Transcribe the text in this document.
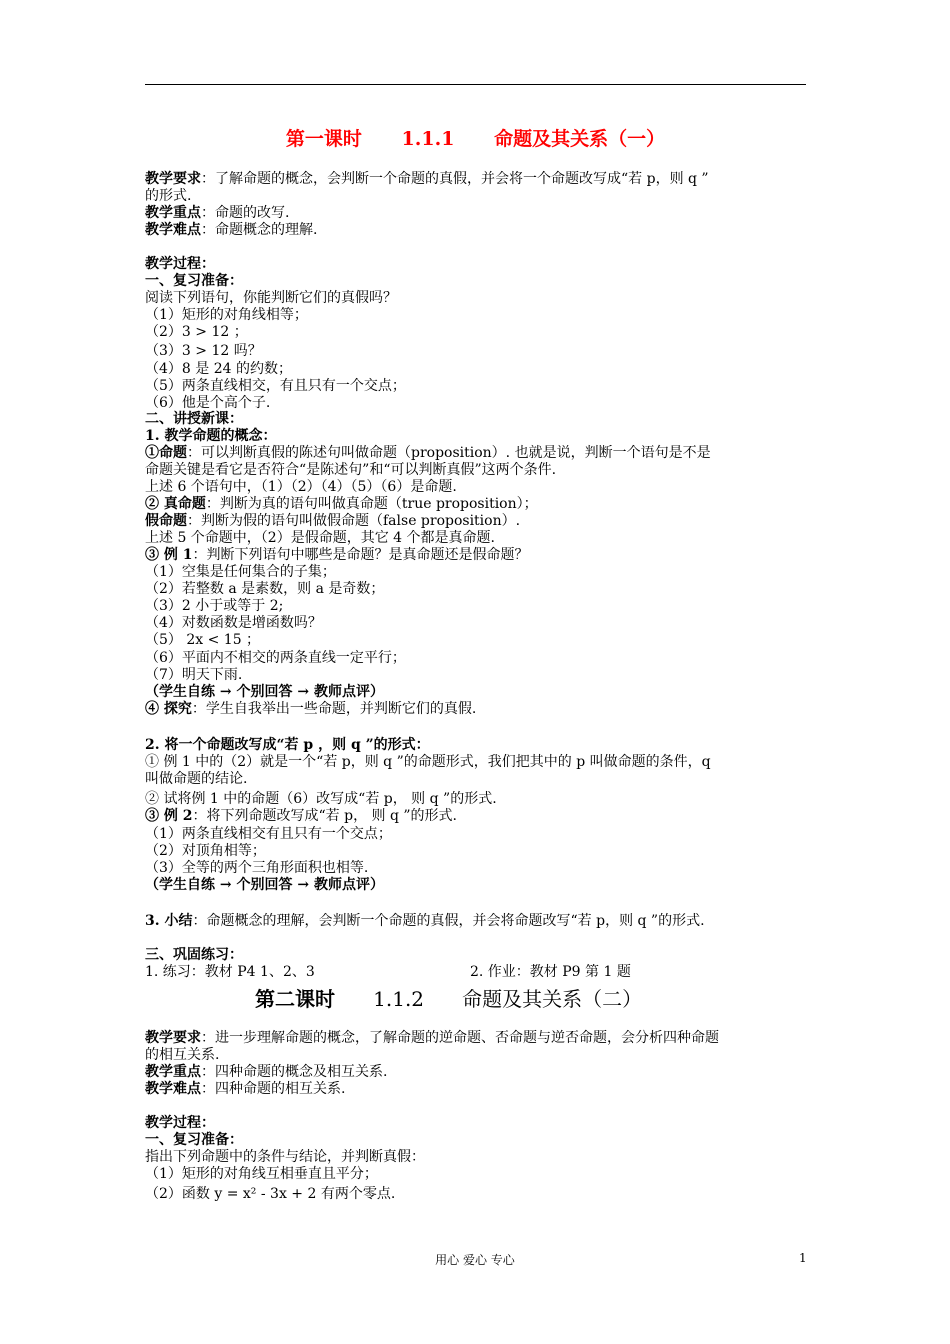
第一课时      1.1.1      命题及其关系（一）
教学要求：了解命题的概念，会判断一个命题的真假，并会将一个命题改写成“若 p，则 q ”
的形式.
教学重点：命题的改写.
教学难点：命题概念的理解.
教学过程：
一、复习准备：
阅读下列语句，你能判断它们的真假吗？
（1）矩形的对角线相等；
（2）3 > 12 ；
（3）3 > 12 吗？
（4）8 是 24 的约数；
（5）两条直线相交，有且只有一个交点；
（6）他是个高个子.
二、讲授新课：
1. 教学命题的概念：
①命题：可以判断真假的陈述句叫做命题（proposition）. 也就是说，判断一个语句是不是
命题关键是看它是否符合“是陈述句”和“可以判断真假”这两个条件.
上述 6 个语句中，（1）（2）（4）（5）（6）是命题.
② 真命题：判断为真的语句叫做真命题（true proposition）；
假命题：判断为假的语句叫做假命题（false proposition）.
上述 5 个命题中，（2）是假命题，其它 4 个都是真命题.
③ 例 1：判断下列语句中哪些是命题？是真命题还是假命题？
（1）空集是任何集合的子集；
（2）若整数 a 是素数，则 a 是奇数；
（3）2 小于或等于 2;
（4）对数函数是增函数吗？
（5） 2x < 15 ；
（6）平面内不相交的两条直线一定平行；
（7）明天下雨.
（学生自练 → 个别回答 → 教师点评）
④ 探究：学生自我举出一些命题，并判断它们的真假.
2. 将一个命题改写成“若 p ，则 q ”的形式：
① 例 1 中的（2）就是一个“若 p，则 q ”的命题形式，我们把其中的 p 叫做命题的条件，q
叫做命题的结论.
② 试将例 1 中的命题（6）改写成“若 p， 则 q ”的形式.
③ 例 2：将下列命题改写成“若 p， 则 q ”的形式.
（1）两条直线相交有且只有一个交点；
（2）对顶角相等；
（3）全等的两个三角形面积也相等.
（学生自练 → 个别回答 → 教师点评）
3. 小结：命题概念的理解，会判断一个命题的真假，并会将命题改写“若 p，则 q ”的形式.
三、巩固练习：
1. 练习：教材 P4 1、2、3	2. 作业：教材 P9 第 1 题
第二课时      1.1.2      命题及其关系（二）
教学要求：进一步理解命题的概念，了解命题的逆命题、否命题与逆否命题，会分析四种命题
的相互关系.
教学重点：四种命题的概念及相互关系.
教学难点：四种命题的相互关系.
教学过程：
一、复习准备：
指出下列命题中的条件与结论，并判断真假：
（1）矩形的对角线互相垂直且平分；
（2）函数 y = x² - 3x + 2 有两个零点.
用心 爱心 专心	1
